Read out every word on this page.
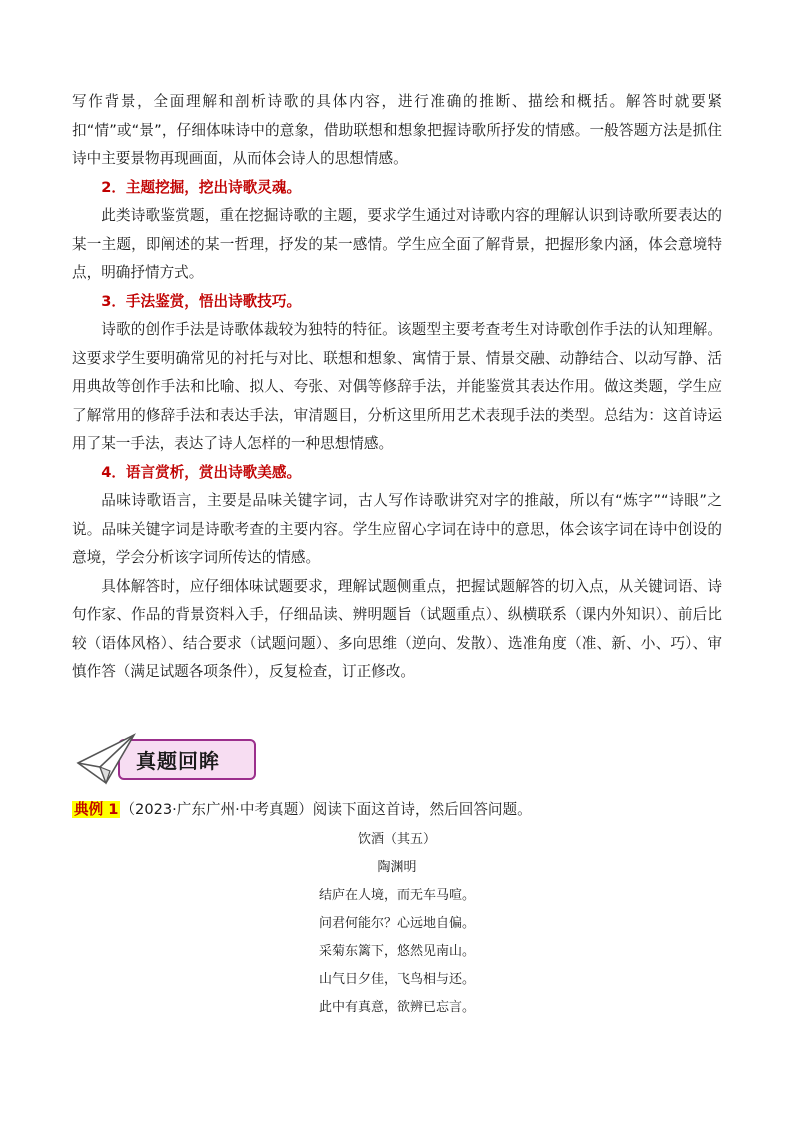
写作背景，全面理解和剖析诗歌的具体内容，进行准确的推断、描绘和概括。解答时就要紧扣“情”或“景”，仔细体味诗中的意象，借助联想和想象把握诗歌所抒发的情感。一般答题方法是抓住诗中主要景物再现画面，从而体会诗人的思想情感。

2．主题挖掘，挖出诗歌灵魂。

此类诗歌鉴赏题，重在挖掘诗歌的主题，要求学生通过对诗歌内容的理解认识到诗歌所要表达的某一主题，即阐述的某一哲理，抒发的某一感情。学生应全面了解背景，把握形象内涵，体会意境特点，明确抒情方式。

3．手法鉴赏，悟出诗歌技巧。

诗歌的创作手法是诗歌体裁较为独特的特征。该题型主要考查考生对诗歌创作手法的认知理解。这要求学生要明确常见的衬托与对比、联想和想象、寓情于景、情景交融、动静结合、以动写静、活用典故等创作手法和比喻、拟人、夸张、对偶等修辞手法，并能鉴赏其表达作用。做这类题，学生应了解常用的修辞手法和表达手法，审清题目，分析这里所用艺术表现手法的类型。总结为：这首诗运用了某一手法，表达了诗人怎样的一种思想情感。

4．语言赏析，赏出诗歌美感。

品味诗歌语言，主要是品味关键字词，古人写作诗歌讲究对字的推敲，所以有“炼字”“诗眼”之说。品味关键字词是诗歌考查的主要内容。学生应留心字词在诗中的意思，体会该字词在诗中创设的意境，学会分析该字词所传达的情感。

具体解答时，应仔细体味试题要求，理解试题侧重点，把握试题解答的切入点，从关键词语、诗句作家、作品的背景资料入手，仔细品读、辨明题旨（试题重点）、纵横联系（课内外知识）、前后比较（语体风格）、结合要求（试题问题）、多向思维（逆向、发散）、选准角度（准、新、小、巧）、审慎作答（满足试题各项条件），反复检查，订正修改。

真题回眸
典例 1 （2023·广东广州·中考真题）阅读下面这首诗，然后回答问题。
饮酒（其五）
陶渊明
结庐在人境，而无车马喧。
问君何能尔？心远地自偏。
采菊东篱下，悠然见南山。
山气日夕佳，飞鸟相与还。
此中有真意，欲辨已忘言。
